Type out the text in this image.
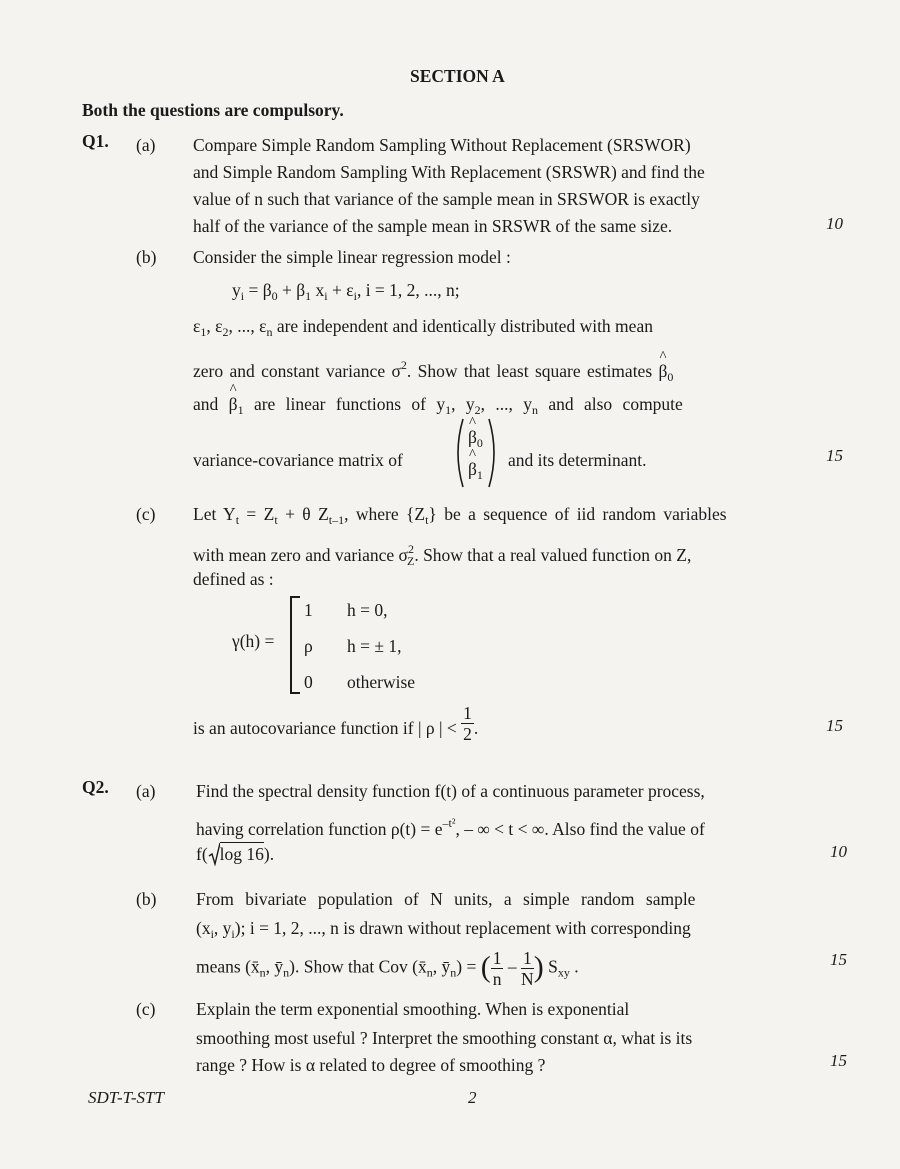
SECTION A
Both the questions are compulsory.
Q1. (a) Compare Simple Random Sampling Without Replacement (SRSWOR)
and Simple Random Sampling With Replacement (SRSWR) and find the
value of n such that variance of the sample mean in SRSWOR is exactly
half of the variance of the sample mean in SRSWR of the same size.	10
(b) Consider the simple linear regression model :
$y_i = \beta_0 + \beta_1$ $x_i + \varepsilon_i$, i = 1, 2, ..., n;
$\varepsilon_1$, $\varepsilon_2$, ..., $\varepsilon_n$ are independent and identically distributed with mean
zero and constant variance $\sigma^2$. Show that least square estimates ^ $\beta_0$
and ^ $\beta_1$ are linear functions of $y_1$, $y_2$, ..., $y_n$ and also compute
variance-covariance matrix of
^ $\beta_0$
^ $\beta_1$
and its determinant.	15
(c) Let $Y_t = Z_t + \theta$ $Z_{t-1}$, where $\{Z_t\}$ be a sequence of iid random variables
with mean zero and variance $\sigma^2_Z$. Show that a real valued function on Z,
defined as :
γ(h) =
1 h = 0,
ρ h = ± 1,
0 otherwise
is an autocovariance function if | ρ | < $\frac{1}{2}$ .	15
Q2. (a) Find the spectral density function f(t) of a continuous parameter process,
having correlation function $\rho(t) = e^{-t^2}$, – ∞ < t < ∞. Also find the value of
f( log 16).	10
(b) From bivariate population of N units, a simple random sample
($x_i$, $y_i$); i = 1, 2, ..., n is drawn without replacement with corresponding
means ($x̄_n$, $ȳ_n$). Show that Cov ($x̄_n$, $ȳ_n$) = ( $\frac{1}{n} - \frac{1}{N}$ ) $S_{xy}$ .	15
(c) Explain the term exponential smoothing. When is exponential
smoothing most useful ? Interpret the smoothing constant α, what is its
range ? How is α related to degree of smoothing ?	15
SDT-T-STT	2
